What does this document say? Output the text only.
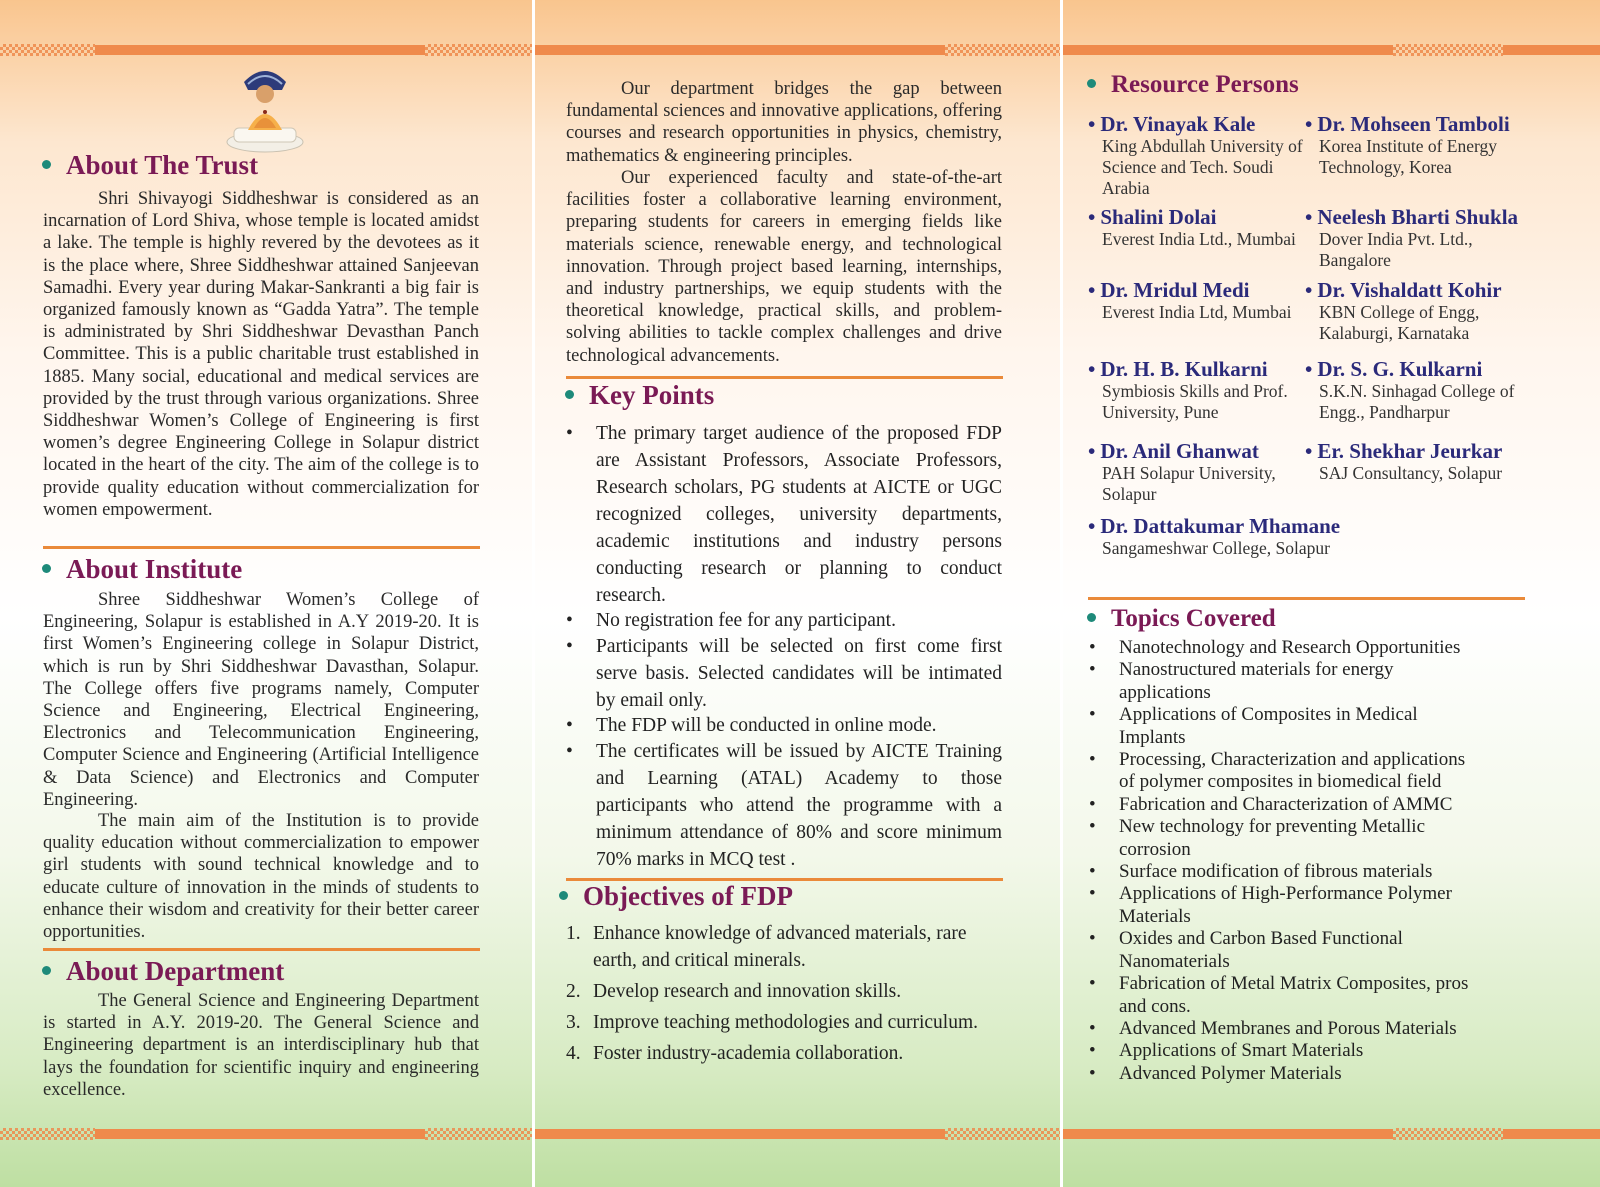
About The Trust
Shri Shivayogi Siddheshwar is considered as an incarnation of Lord Shiva, whose temple is located amidst a lake. The temple is highly revered by the devotees as it is the place where, Shree Siddheshwar attained Sanjeevan Samadhi. Every year during Makar-Sankranti a big fair is organized famously known as “Gadda Yatra”. The temple is administrated by Shri Siddheshwar Devasthan Panch Committee. This is a public charitable trust established in 1885. Many social, educational and medical services are provided by the trust through various organizations. Shree Siddheshwar Women’s College of Engineering is first women’s degree Engineering College in Solapur district located in the heart of the city. The aim of the college is to provide quality education without commercialization for women empowerment.
About Institute
Shree Siddheshwar Women’s College of Engineering, Solapur is established in A.Y 2019-20. It is first Women’s Engineering college in Solapur District, which is run by Shri Siddheshwar Davasthan, Solapur. The College offers five programs namely, Computer Science and Engineering, Electrical Engineering, Electronics and Telecommunication Engineering, Computer Science and Engineering (Artificial Intelligence & Data Science) and Electronics and Computer Engineering.
The main aim of the Institution is to provide quality education without commercialization to empower girl students with sound technical knowledge and to educate culture of innovation in the minds of students to enhance their wisdom and creativity for their better career opportunities.
About Department
The General Science and Engineering Department is started in A.Y. 2019-20. The General Science and Engineering department is an interdisciplinary hub that lays the foundation for scientific inquiry and engineering excellence.
Our department bridges the gap between fundamental sciences and innovative applications, offering courses and research opportunities in physics, chemistry, mathematics & engineering principles.
Our experienced faculty and state-of-the-art facilities foster a collaborative learning environment, preparing students for careers in emerging fields like materials science, renewable energy, and technological innovation. Through project based learning, internships, and industry partnerships, we equip students with the theoretical knowledge, practical skills, and problem-solving abilities to tackle complex challenges and drive technological advancements.
Key Points
• The primary target audience of the proposed FDP are Assistant Professors, Associate Professors, Research scholars, PG students at AICTE or UGC recognized colleges, university departments, academic institutions and industry persons conducting research or planning to conduct research.
• No registration fee for any participant.
• Participants will be selected on first come first serve basis. Selected candidates will be intimated by email only.
• The FDP will be conducted in online mode.
• The certificates will be issued by AICTE Training and Learning (ATAL) Academy to those participants who attend the programme with a minimum attendance of 80% and score minimum 70% marks in MCQ test .
Objectives of FDP
1. Enhance knowledge of advanced materials, rare earth, and critical minerals.
2. Develop research and innovation skills.
3. Improve teaching methodologies and curriculum.
4. Foster industry-academia collaboration.
Resource Persons
• Dr. Vinayak Kale
King Abdullah University of Science and Tech. Soudi Arabia
• Dr. Mohseen Tamboli
Korea Institute of Energy Technology, Korea
• Shalini Dolai
Everest India Ltd., Mumbai
• Neelesh Bharti Shukla
Dover India Pvt. Ltd., Bangalore
• Dr. Mridul Medi
Everest India Ltd, Mumbai
• Dr. Vishaldatt Kohir
KBN College of Engg, Kalaburgi, Karnataka
• Dr. H. B. Kulkarni
Symbiosis Skills and Prof. University, Pune
• Dr. S. G. Kulkarni
S.K.N. Sinhagad College of Engg., Pandharpur
• Dr. Anil Ghanwat
PAH Solapur University, Solapur
• Er. Shekhar Jeurkar
SAJ Consultancy, Solapur
• Dr. Dattakumar Mhamane
Sangameshwar College, Solapur
Topics Covered
• Nanotechnology and Research Opportunities
• Nanostructured materials for energy applications
• Applications of Composites in Medical Implants
• Processing, Characterization and applications of polymer composites in biomedical field
• Fabrication and Characterization of AMMC
• New technology for preventing Metallic corrosion
• Surface modification of fibrous materials
• Applications of High-Performance Polymer Materials
• Oxides and Carbon Based Functional Nanomaterials
• Fabrication of Metal Matrix Composites, pros and cons.
• Advanced Membranes and Porous Materials
• Applications of Smart Materials
• Advanced Polymer Materials
